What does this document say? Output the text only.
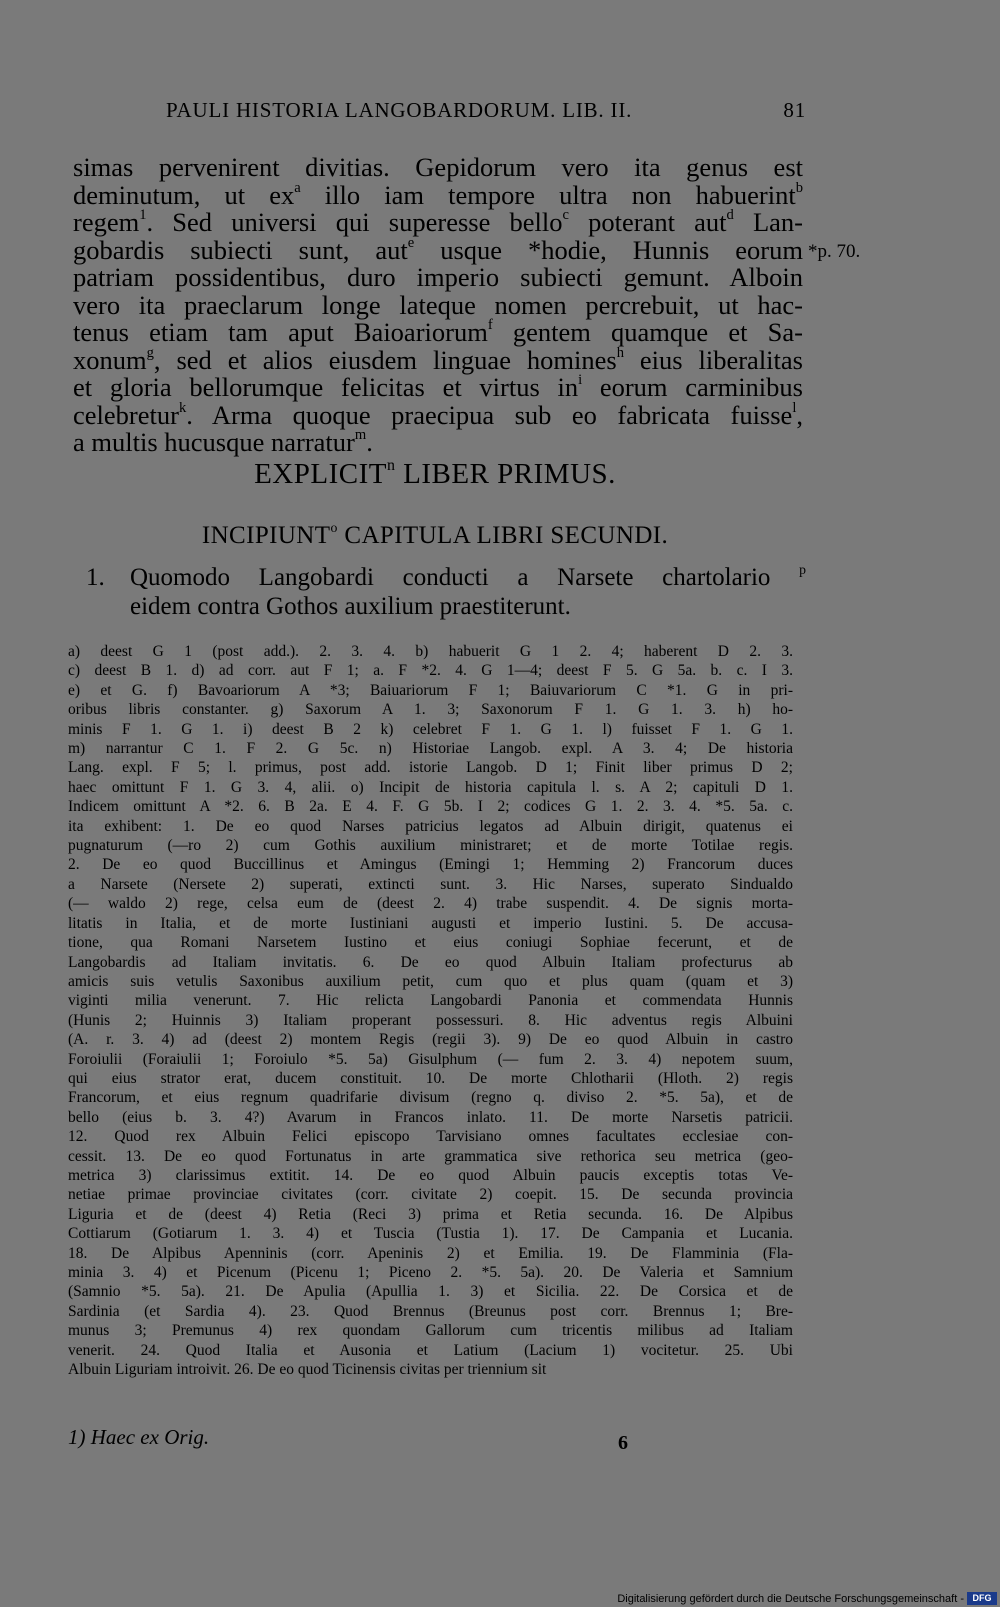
PAULI HISTORIA LANGOBARDORUM. LIB. II.	81
simas pervenirent divitias. Gepidorum vero ita genus est
deminutum, ut $ex^a$ illo iam tempore ultra non habuerint$^b$
regem$^1$. Sed universi qui superesse bello$^c$ poterant aut$^d$ Lan-
gobardis subiecti sunt, aut$^e$ usque *hodie, Hunnis eorum
patriam possidentibus, duro imperio subiecti gemunt. Alboin
vero ita praeclarum longe lateque nomen percrebuit, ut hac-
tenus etiam tam aput Baioariorum$^f$ gentem quamque et Sa-
xonum$^g$, sed et alios eiusdem linguae homines$^h$ eius liberalitas
et gloria bellorumque felicitas et virtus $in^i$ eorum carminibus
celebretur$^k$. Arma quoque praecipua sub eo fabricata fuisse$^l$,
a multis hucusque narratur$^m$.
*p. 70.
EXPLICIT$^n$ LIBER PRIMUS.
INCIPIUNT$^o$ CAPITULA LIBRI SECUNDI.
1. Quomodo Langobardi conducti a Narsete chartolario $^p$
eidem contra Gothos auxilium praestiterunt.
a) deest G 1 (post add.). 2. 3. 4. b) habuerit G 1 2. 4; haberent D 2. 3.
c) deest B 1. d) ad corr. aut F 1; a. F *2. 4. G 1—4; deest F 5. G 5a. b. c. I 3.
e) et G. f) Bavoariorum A *3; Baiuariorum F 1; Baiuvariorum C *1. G in pri-
oribus libris constanter. g) Saxorum A 1. 3; Saxonorum F 1. G 1. 3. h) ho-
minis F 1. G 1. i) deest B 2 k) celebret F 1. G 1. l) fuisset F 1. G 1.
m) narrantur C 1. F 2. G 5c. n) Historiae Langob. expl. A 3. 4; De historia
Lang. expl. F 5; l. primus, post add. istorie Langob. D 1; Finit liber primus D 2;
haec omittunt F 1. G 3. 4, alii. o) Incipit de historia capitula l. s. A 2; capituli D 1.
Indicem omittunt A *2. 6. B 2a. E 4. F. G 5b. I 2; codices G 1. 2. 3. 4. *5. 5a. c.
ita exhibent: 1. De eo quod Narses patricius legatos ad Albuin dirigit, quatenus ei
pugnaturum (—ro 2) cum Gothis auxilium ministraret; et de morte Totilae regis.
2. De eo quod Buccillinus et Amingus (Emingi 1; Hemming 2) Francorum duces
a Narsete (Nersete 2) superati, extincti sunt. 3. Hic Narses, superato Sindualdo
(— waldo 2) rege, celsa eum de (deest 2. 4) trabe suspendit. 4. De signis morta-
litatis in Italia, et de morte Iustiniani augusti et imperio Iustini. 5. De accusa-
tione, qua Romani Narsetem Iustino et eius coniugi Sophiae fecerunt, et de
Langobardis ad Italiam invitatis. 6. De eo quod Albuin Italiam profecturus ab
amicis suis vetulis Saxonibus auxilium petit, cum quo et plus quam (quam et 3)
viginti milia venerunt. 7. Hic relicta Langobardi Panonia et commendata Hunnis
(Hunis 2; Huinnis 3) Italiam properant possessuri. 8. Hic adventus regis Albuini
(A. r. 3. 4) ad (deest 2) montem Regis (regii 3). 9) De eo quod Albuin in castro
Foroiulii (Foraiulii 1; Foroiulo *5. 5a) Gisulphum (— fum 2. 3. 4) nepotem suum,
qui eius strator erat, ducem constituit. 10. De morte Chlotharii (Hloth. 2) regis
Francorum, et eius regnum quadrifarie divisum (regno q. diviso 2. *5. 5a), et de
bello (eius b. 3. 4?) Avarum in Francos inlato. 11. De morte Narsetis patricii.
12. Quod rex Albuin Felici episcopo Tarvisiano omnes facultates ecclesiae con-
cessit. 13. De eo quod Fortunatus in arte grammatica sive rethorica seu metrica (geo-
metrica 3) clarissimus extitit. 14. De eo quod Albuin paucis exceptis totas Ve-
netiae primae provinciae civitates (corr. civitate 2) coepit. 15. De secunda provincia
Liguria et de (deest 4) Retia (Reci 3) prima et Retia secunda. 16. De Alpibus
Cottiarum (Gotiarum 1. 3. 4) et Tuscia (Tustia 1). 17. De Campania et Lucania.
18. De Alpibus Apenninis (corr. Apeninis 2) et Emilia. 19. De Flamminia (Fla-
minia 3. 4) et Picenum (Picenu 1; Piceno 2. *5. 5a). 20. De Valeria et Samnium
(Samnio *5. 5a). 21. De Apulia (Apullia 1. 3) et Sicilia. 22. De Corsica et de
Sardinia (et Sardia 4). 23. Quod Brennus (Breunus post corr. Brennus 1; Bre-
munus 3; Premunus 4) rex quondam Gallorum cum tricentis milibus ad Italiam
venerit. 24. Quod Italia et Ausonia et Latium (Lacium 1) vocitetur. 25. Ubi
Albuin Liguriam introivit. 26. De eo quod Ticinensis civitas per triennium sit
1) Haec ex Orig.	6
Digitalisierung gefördert durch die Deutsche Forschungsgemeinschaft - DFG
